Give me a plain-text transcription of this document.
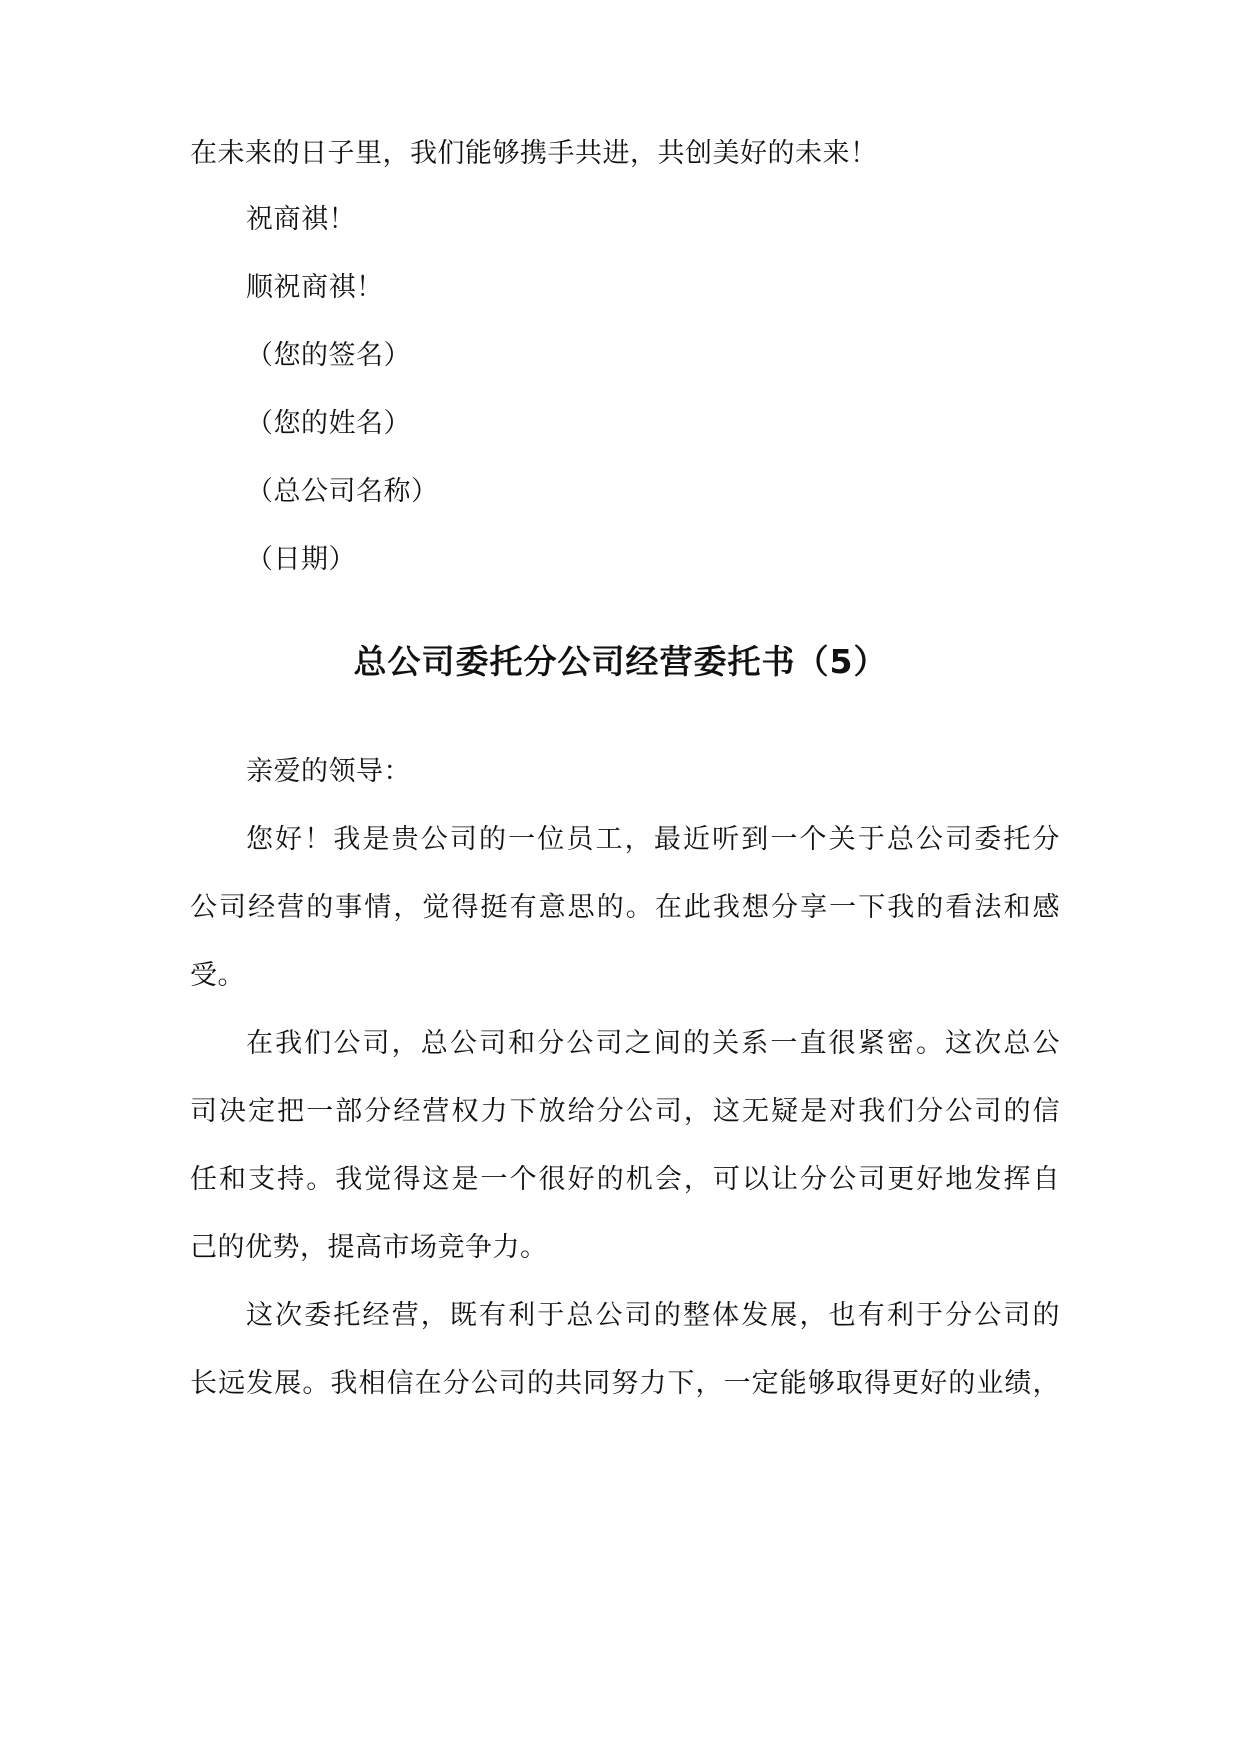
在未来的日子里，我们能够携手共进，共创美好的未来！
祝商祺！
顺祝商祺！
（您的签名）
（您的姓名）
（总公司名称）
（日期）
总公司委托分公司经营委托书（5）
亲爱的领导：
您好！我是贵公司的一位员工，最近听到一个关于总公司委托分
公司经营的事情，觉得挺有意思的。在此我想分享一下我的看法和感
受。
在我们公司，总公司和分公司之间的关系一直很紧密。这次总公
司决定把一部分经营权力下放给分公司，这无疑是对我们分公司的信
任和支持。我觉得这是一个很好的机会，可以让分公司更好地发挥自
己的优势，提高市场竞争力。
这次委托经营，既有利于总公司的整体发展，也有利于分公司的
长远发展。我相信在分公司的共同努力下，一定能够取得更好的业绩，
